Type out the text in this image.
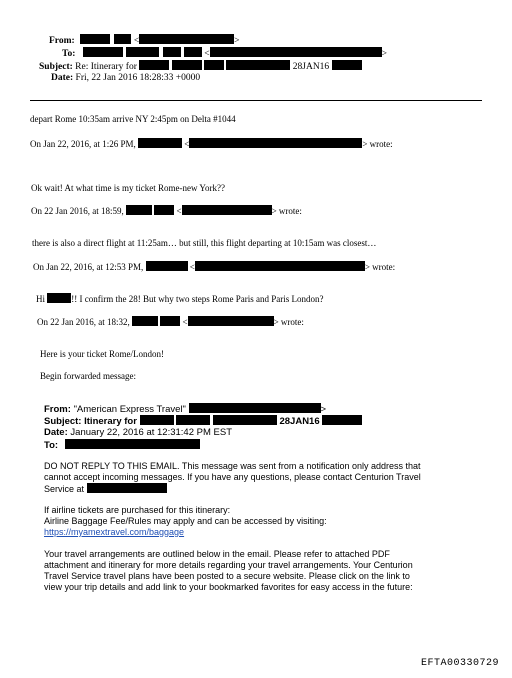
From:	<	>
To:	<	>
Subject: Re: Itinerary for	28JAN16
Date: Fri, 22 Jan 2016 18:28:33 +0000
depart Rome 10:35am arrive NY 2:45pm on Delta #1044
On Jan 22, 2016, at 1:26 PM,	<	> wrote:
Ok wait! At what time is my ticket Rome-new York??
On 22 Jan 2016, at 18:59,	<	> wrote:
there is also a direct flight at 11:25am… but still, this flight departing at 10:15am was closest…
On Jan 22, 2016, at 12:53 PM,	<	> wrote:
Hi	!! I confirm the 28! But why two steps Rome Paris and Paris London?
On 22 Jan 2016, at 18:32,	<	> wrote:
Here is your ticket Rome/London!
Begin forwarded message:
From: "American Express Travel"	>
Subject: Itinerary for	28JAN16
Date: January 22, 2016 at 12:31:42 PM EST
To:
DO NOT REPLY TO THIS EMAIL. This message was sent from a notification only address that
cannot accept incoming messages. If you have any questions, please contact Centurion Travel
Service at
If airline tickets are purchased for this itinerary:
Airline Baggage Fee/Rules may apply and can be accessed by visiting:
https://myamextravel.com/baggage
Your travel arrangements are outlined below in the email. Please refer to attached PDF
attachment and itinerary for more details regarding your travel arrangements. Your Centurion
Travel Service travel plans have been posted to a secure website. Please click on the link to
view your trip details and add link to your bookmarked favorites for easy access in the future:
EFTA00330729
